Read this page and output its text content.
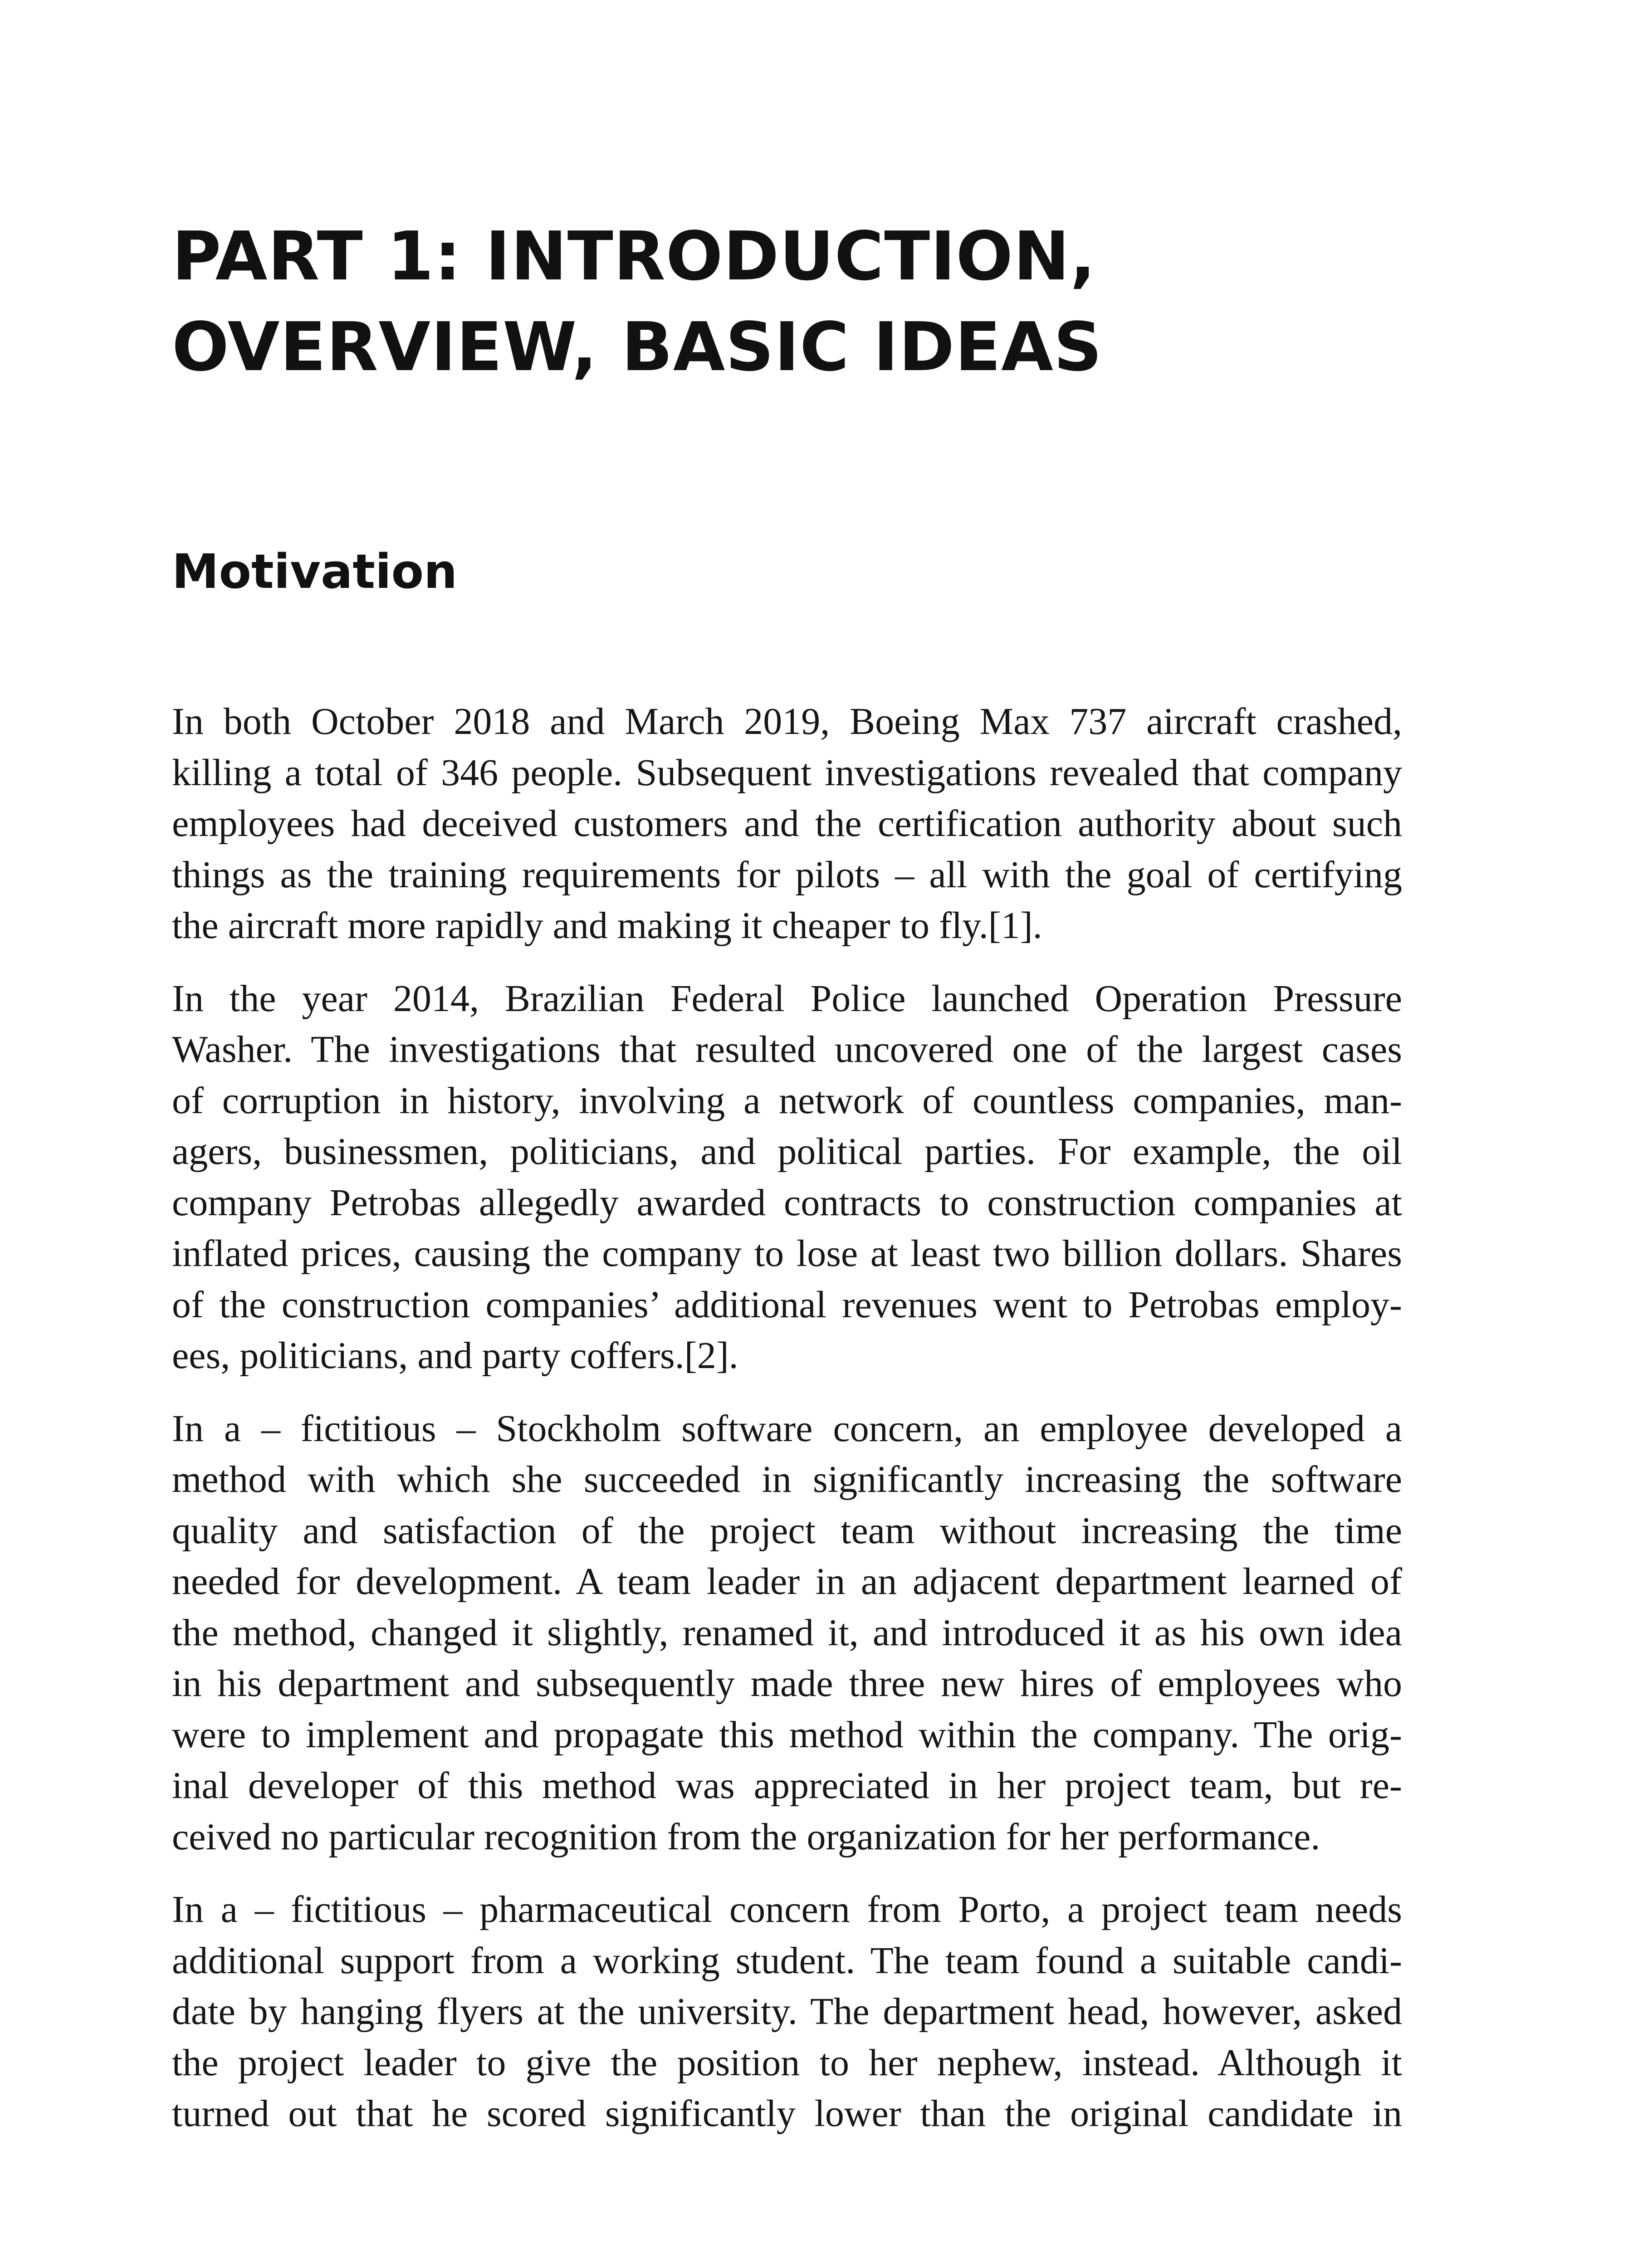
PART 1: INTRODUCTION,
OVERVIEW, BASIC IDEAS
Motivation

In both October 2018 and March 2019, Boeing Max 737 aircraft crashed,
killing a total of 346 people. Subsequent investigations revealed that company
employees had deceived customers and the certification authority about such
things as the training requirements for pilots – all with the goal of certifying
the aircraft more rapidly and making it cheaper to fly.[1].

In the year 2014, Brazilian Federal Police launched Operation Pressure
Washer. The investigations that resulted uncovered one of the largest cases
of corruption in history, involving a network of countless companies, man-
agers, businessmen, politicians, and political parties. For example, the oil
company Petrobas allegedly awarded contracts to construction companies at
inflated prices, causing the company to lose at least two billion dollars. Shares
of the construction companies’ additional revenues went to Petrobas employ-
ees, politicians, and party coffers.[2].

In a – fictitious – Stockholm software concern, an employee developed a
method with which she succeeded in significantly increasing the software
quality and satisfaction of the project team without increasing the time
needed for development. A team leader in an adjacent department learned of
the method, changed it slightly, renamed it, and introduced it as his own idea
in his department and subsequently made three new hires of employees who
were to implement and propagate this method within the company. The orig-
inal developer of this method was appreciated in her project team, but re-
ceived no particular recognition from the organization for her performance.

In a – fictitious – pharmaceutical concern from Porto, a project team needs
additional support from a working student. The team found a suitable candi-
date by hanging flyers at the university. The department head, however, asked
the project leader to give the position to her nephew, instead. Although it
turned out that he scored significantly lower than the original candidate in
